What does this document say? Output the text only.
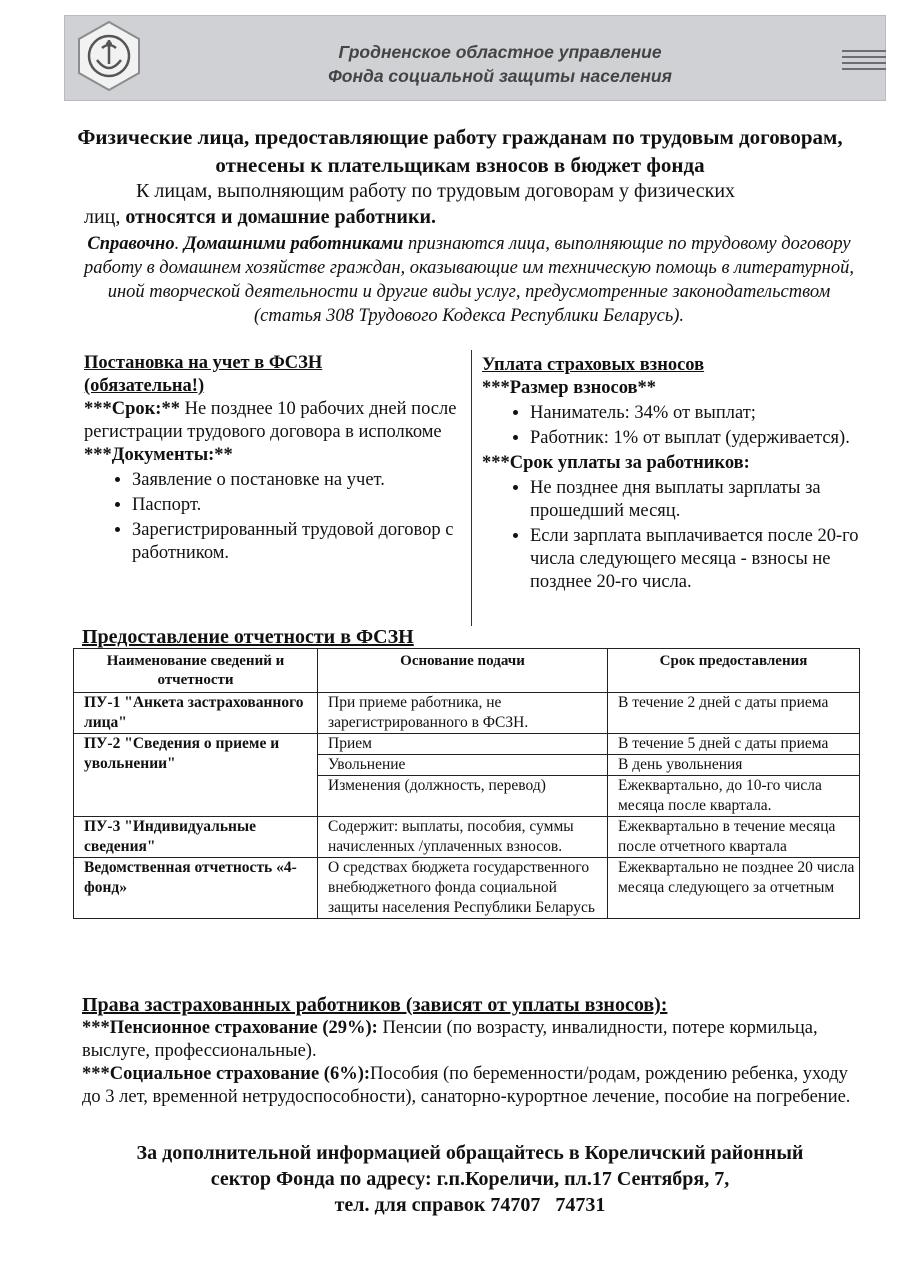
Гродненское областное управление
Фонда социальной защиты населения
Физические лица, предоставляющие работу гражданам по трудовым договорам, отнесены к плательщикам взносов в бюджет фонда
К лицам, выполняющим работу по трудовым договорам у физических
лиц, относятся и домашние работники.
Справочно. Домашними работниками признаются лица, выполняющие по трудовому договору работу в домашнем хозяйстве граждан, оказывающие им техническую помощь в литературной, иной творческой деятельности и другие виды услуг, предусмотренные законодательством (статья 308 Трудового Кодекса Республики Беларусь).
Постановка на учет в ФСЗН
(обязательна!)
***Срок:** Не позднее 10 рабочих дней после регистрации трудового договора в исполкоме
***Документы:**
• Заявление о постановке на учет.
• Паспорт.
• Зарегистрированный трудовой договор с работником.
Уплата страховых взносов
***Размер взносов**
• Наниматель: 34% от выплат;
• Работник: 1% от выплат (удерживается).
***Срок уплаты за работников:
• Не позднее дня выплаты зарплаты за прошедший месяц.
• Если зарплата выплачивается после 20-го числа следующего месяца - взносы не позднее 20-го числа.
Предоставление отчетности в ФСЗН
Наименование сведений и отчетности	Основание подачи	Срок предоставления
ПУ-1 "Анкета застрахованного лица"	При приеме работника, не зарегистрированного в ФСЗН.	В течение 2 дней с даты приема
ПУ-2 "Сведения о приеме и увольнении"	Прием	В течение 5 дней с даты приема
	Увольнение	В день увольнения
	Изменения (должность, перевод)	Ежеквартально, до 10-го числа месяца после квартала.
ПУ-3 "Индивидуальные сведения"	Содержит: выплаты, пособия, суммы начисленных /уплаченных взносов.	Ежеквартально в течение месяца после отчетного квартала
Ведомственная отчетность «4-фонд»	О средствах бюджета государственного внебюджетного фонда социальной защиты населения Республики Беларусь	Ежеквартально не позднее 20 числа месяца следующего за отчетным
Права застрахованных работников (зависят от уплаты взносов):

***Пенсионное страхование (29%): Пенсии (по возрасту, инвалидности, потере кормильца, выслуге, профессиональные).

***Социальное страхование (6%):Пособия (по беременности/родам, рождению ребенка, уходу до 3 лет, временной нетрудоспособности), санаторно-курортное лечение, пособие на погребение.

За дополнительной информацией обращайтесь в Кореличский районный
сектор Фонда по адресу: г.п.Кореличи, пл.17 Сентября, 7,
тел. для справок 74707   74731
